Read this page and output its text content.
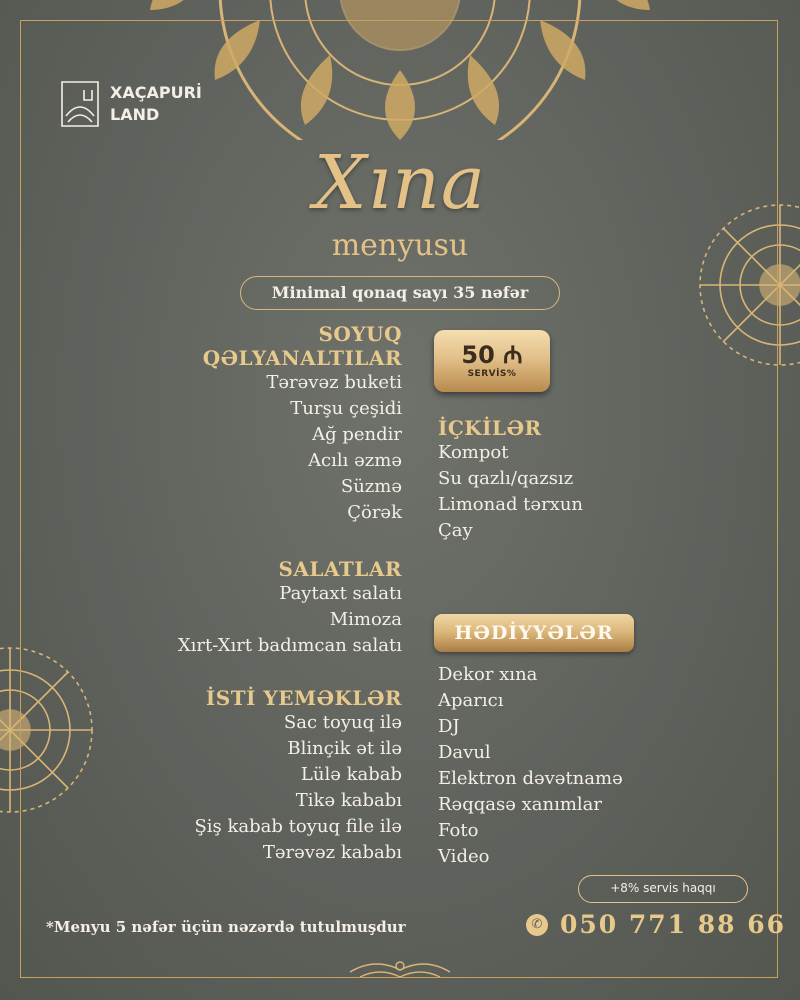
XAÇAPURİ
LAND
Xına
menyusu
Minimal qonaq sayı 35 nəfər
SOYUQ
QƏLYANALTILAR
Tərəvəz buketi
Turşu çeşidi
Ağ pendir
Acılı əzmə
Süzmə
Çörək
SALATLAR
Paytaxt salatı
Mimoza
Xırt-Xırt badımcan salatı
İSTİ YEMƏKLƏR
Sac toyuq ilə
Blinçik ət ilə
Lülə kabab
Tikə kababı
Şiş kabab toyuq file ilə
Tərəvəz kababı
50 ₼
SERVİS%
İÇKİLƏR
Kompot
Su qazlı/qazsız
Limonad tərxun
Çay
HƏDİYYƏLƏR
Dekor xına
Aparıcı
DJ
Davul
Elektron dəvətnamə
Rəqqasə xanımlar
Foto
Video
+8% servis haqqı
*Menyu 5 nəfər üçün nəzərdə tutulmuşdur	✆ 050 771 88 66
